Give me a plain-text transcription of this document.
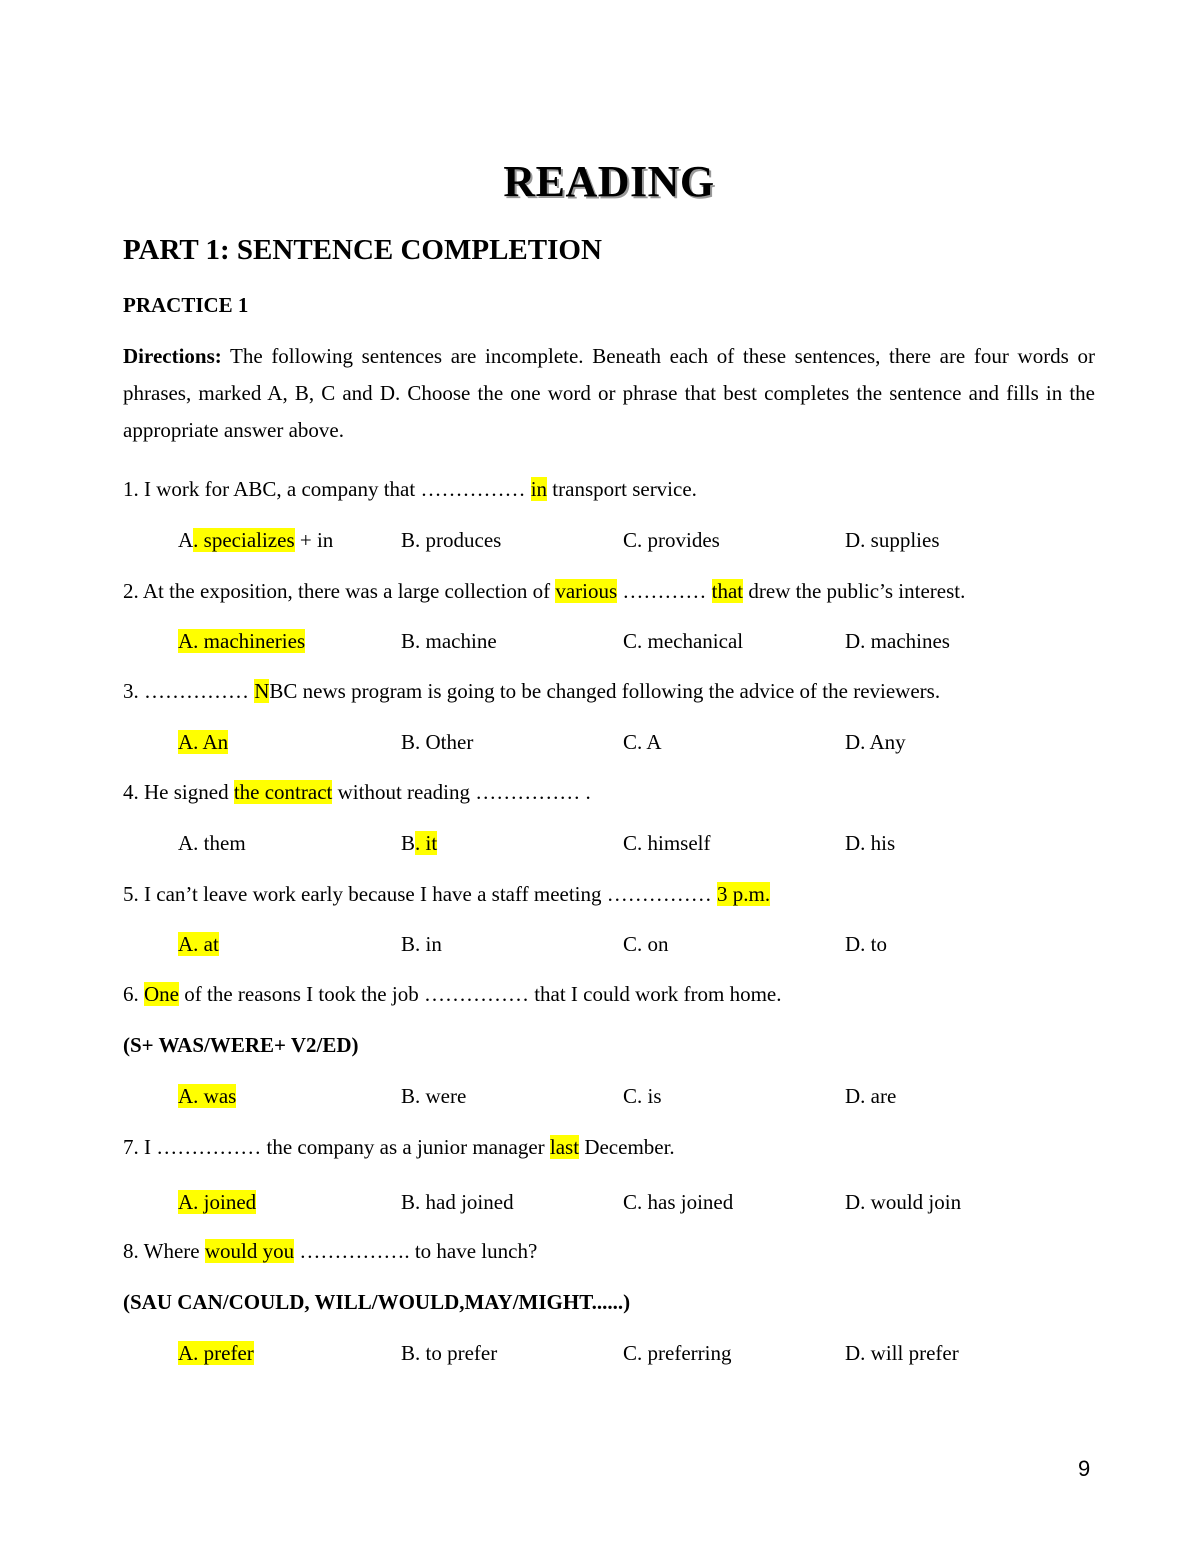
READING
PART 1: SENTENCE COMPLETION
PRACTICE 1
Directions: The following sentences are incomplete. Beneath each of these sentences, there are four words or phrases, marked A, B, C and D. Choose the one word or phrase that best completes the sentence and fills in the appropriate answer above.
1. I work for ABC, a company that …………… in transport service.
A. specializes + in	B. produces	C. provides	D. supplies
2. At the exposition, there was a large collection of various ………… that drew the public’s interest.
A. machineries	B. machine	C. mechanical	D. machines
3. …………… NBC news program is going to be changed following the advice of the reviewers.
A. An	B. Other	C. A	D. Any
4. He signed the contract without reading …………… .
A. them	B. it	C. himself	D. his
5. I can’t leave work early because I have a staff meeting …………… 3 p.m.
A. at	B. in	C. on	D. to
6. One of the reasons I took the job …………… that I could work from home.
(S+ WAS/WERE+ V2/ED)
A. was	B. were	C. is	D. are
7. I …………… the company as a junior manager last December.
A. joined	B. had joined	C. has joined	D. would join
8. Where would you ……………. to have lunch?
(SAU CAN/COULD, WILL/WOULD,MAY/MIGHT......)
A. prefer	B. to prefer	C. preferring	D. will prefer
9
